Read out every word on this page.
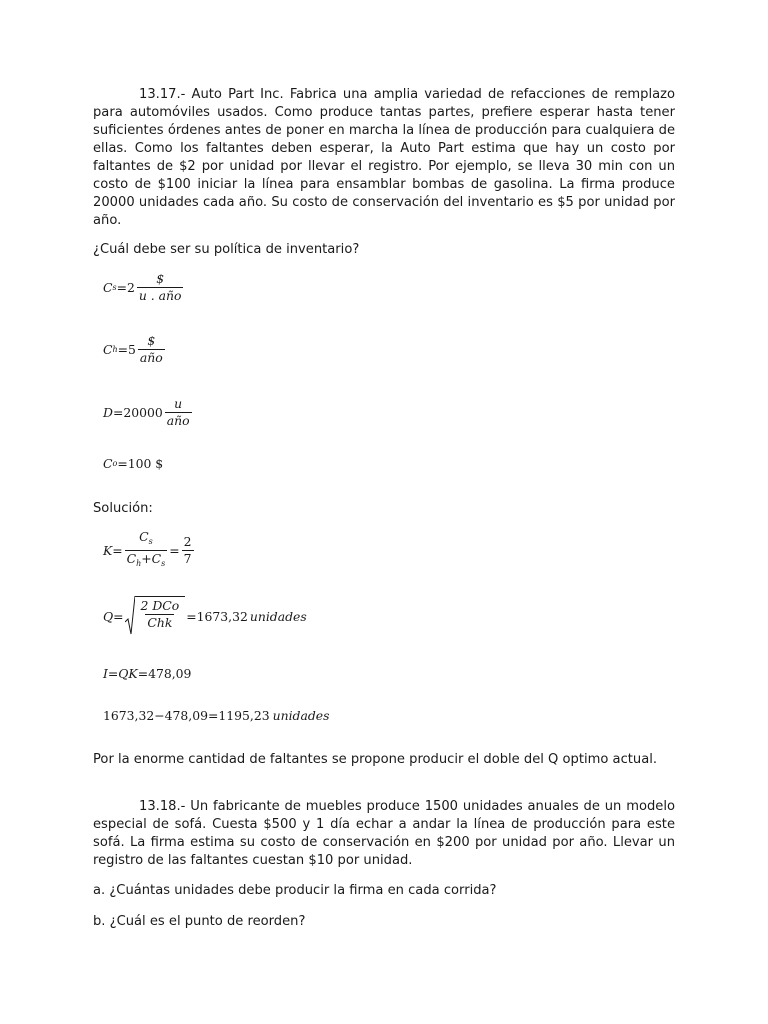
13.17.- Auto Part Inc. Fabrica una amplia variedad de refacciones de remplazo para automóviles usados. Como produce tantas partes, prefiere esperar hasta tener suficientes órdenes antes de poner en marcha la línea de producción para cualquiera de ellas. Como los faltantes deben esperar, la Auto Part estima que hay un costo por faltantes de $2 por unidad por llevar el registro. Por ejemplo, se lleva 30 min con un costo de $100 iniciar la línea para ensamblar bombas de gasolina. La firma produce 20000 unidades cada año. Su costo de conservación del inventario es $5 por unidad por año.

¿Cuál debe ser su política de inventario?

C $s =2 \frac{\$}{\text{u . año}}$
C $h =5 \frac{\$}{\text{año}}$
$D =20000 \frac{u}{\text{año}}$
C o =100 $

Solución:

$K= \frac{C_s}{C_h+C_s} = \frac{2}{7}$
$Q= \frac{\text{2 DCo}}{\text{Chk}} =1673,32$ unidades
I=QK= 478,09
1673,32−478,09=1195,23 unidades

Por la enorme cantidad de faltantes se propone producir el doble del Q optimo actual.

13.18.- Un fabricante de muebles produce 1500 unidades anuales de un modelo especial de sofá. Cuesta $500 y 1 día echar a andar la línea de producción para este sofá. La firma estima su costo de conservación en $200 por unidad por año. Llevar un registro de las faltantes cuestan $10 por unidad.

a. ¿Cuántas unidades debe producir la firma en cada corrida?

b. ¿Cuál es el punto de reorden?
